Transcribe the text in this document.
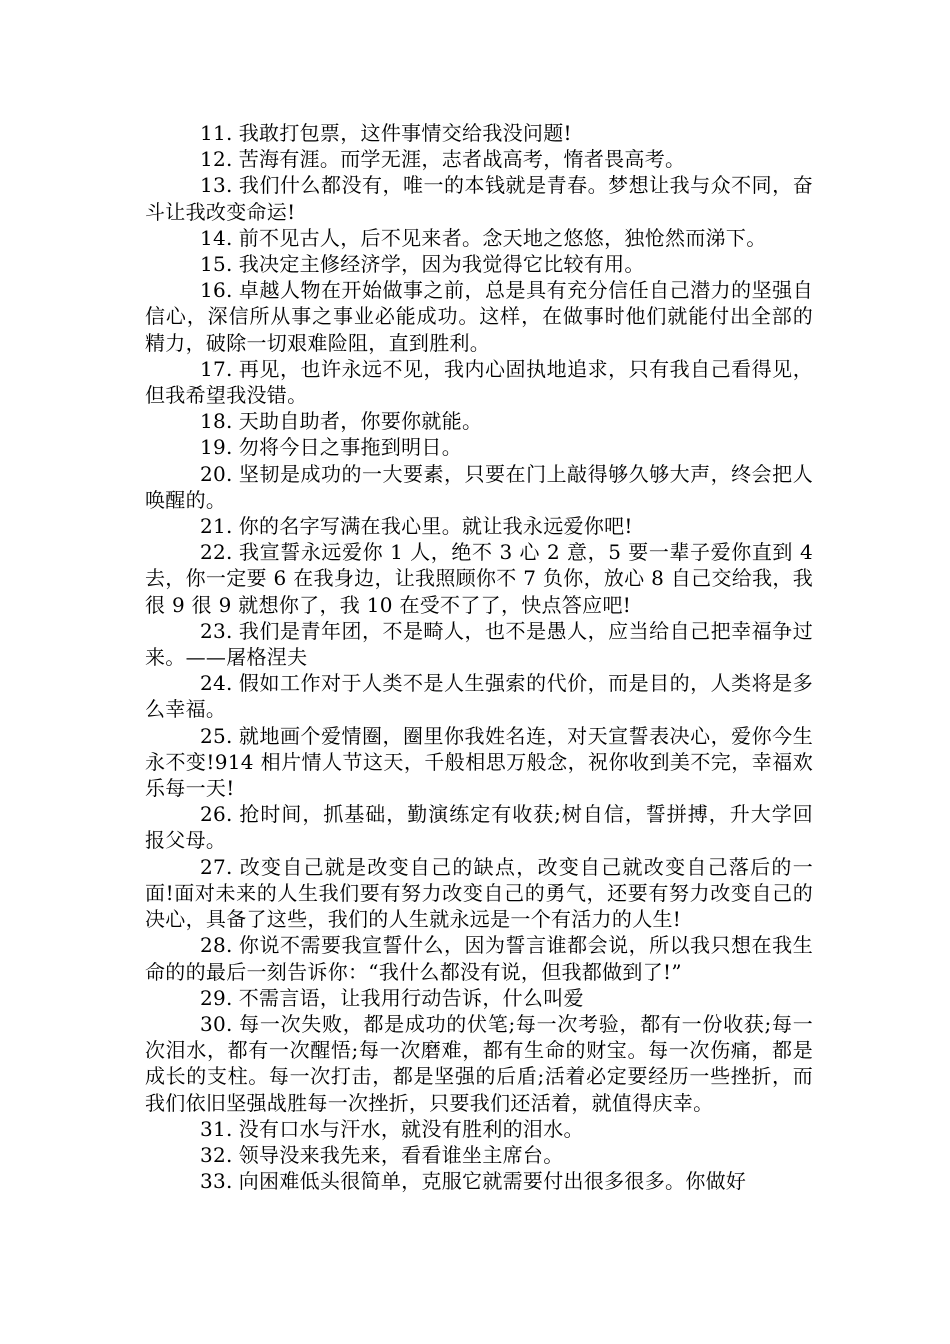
11. 我敢打包票，这件事情交给我没问题!

12. 苦海有涯。而学无涯，志者战高考，惰者畏高考。

13. 我们什么都没有，唯一的本钱就是青春。梦想让我与众不同，奋斗让我改变命运!

14. 前不见古人，后不见来者。念天地之悠悠，独怆然而涕下。

15. 我决定主修经济学，因为我觉得它比较有用。

16. 卓越人物在开始做事之前，总是具有充分信任自己潜力的坚强自信心，深信所从事之事业必能成功。这样，在做事时他们就能付出全部的精力，破除一切艰难险阻，直到胜利。

17. 再见，也许永远不见，我内心固执地追求，只有我自己看得见，但我希望我没错。

18. 天助自助者，你要你就能。

19. 勿将今日之事拖到明日。

20. 坚韧是成功的一大要素，只要在门上敲得够久够大声，终会把人唤醒的。

21. 你的名字写满在我心里。就让我永远爱你吧!

22. 我宣誓永远爱你 1 人，绝不 3 心 2 意，5 要一辈子爱你直到 4 去，你一定要 6 在我身边，让我照顾你不 7 负你，放心 8 自己交给我，我很 9 很 9 就想你了，我 10 在受不了了，快点答应吧!

23. 我们是青年团，不是畸人，也不是愚人，应当给自己把幸福争过来。——屠格涅夫

24. 假如工作对于人类不是人生强索的代价，而是目的，人类将是多么幸福。

25. 就地画个爱情圈，圈里你我姓名连，对天宣誓表决心，爱你今生永不变!914 相片情人节这天，千般相思万般念，祝你收到美不完，幸福欢乐每一天!

26. 抢时间，抓基础，勤演练定有收获;树自信，誓拼搏，升大学回报父母。

27. 改变自己就是改变自己的缺点，改变自己就改变自己落后的一面!面对未来的人生我们要有努力改变自己的勇气，还要有努力改变自己的决心，具备了这些，我们的人生就永远是一个有活力的人生!

28. 你说不需要我宣誓什么，因为誓言谁都会说，所以我只想在我生命的的最后一刻告诉你：“我什么都没有说，但我都做到了!”

29. 不需言语，让我用行动告诉，什么叫爱

30. 每一次失败，都是成功的伏笔;每一次考验，都有一份收获;每一次泪水，都有一次醒悟;每一次磨难，都有生命的财宝。每一次伤痛，都是成长的支柱。每一次打击，都是坚强的后盾;活着必定要经历一些挫折，而我们依旧坚强战胜每一次挫折，只要我们还活着，就值得庆幸。

31. 没有口水与汗水，就没有胜利的泪水。

32. 领导没来我先来，看看谁坐主席台。

33. 向困难低头很简单，克服它就需要付出很多很多。你做好
